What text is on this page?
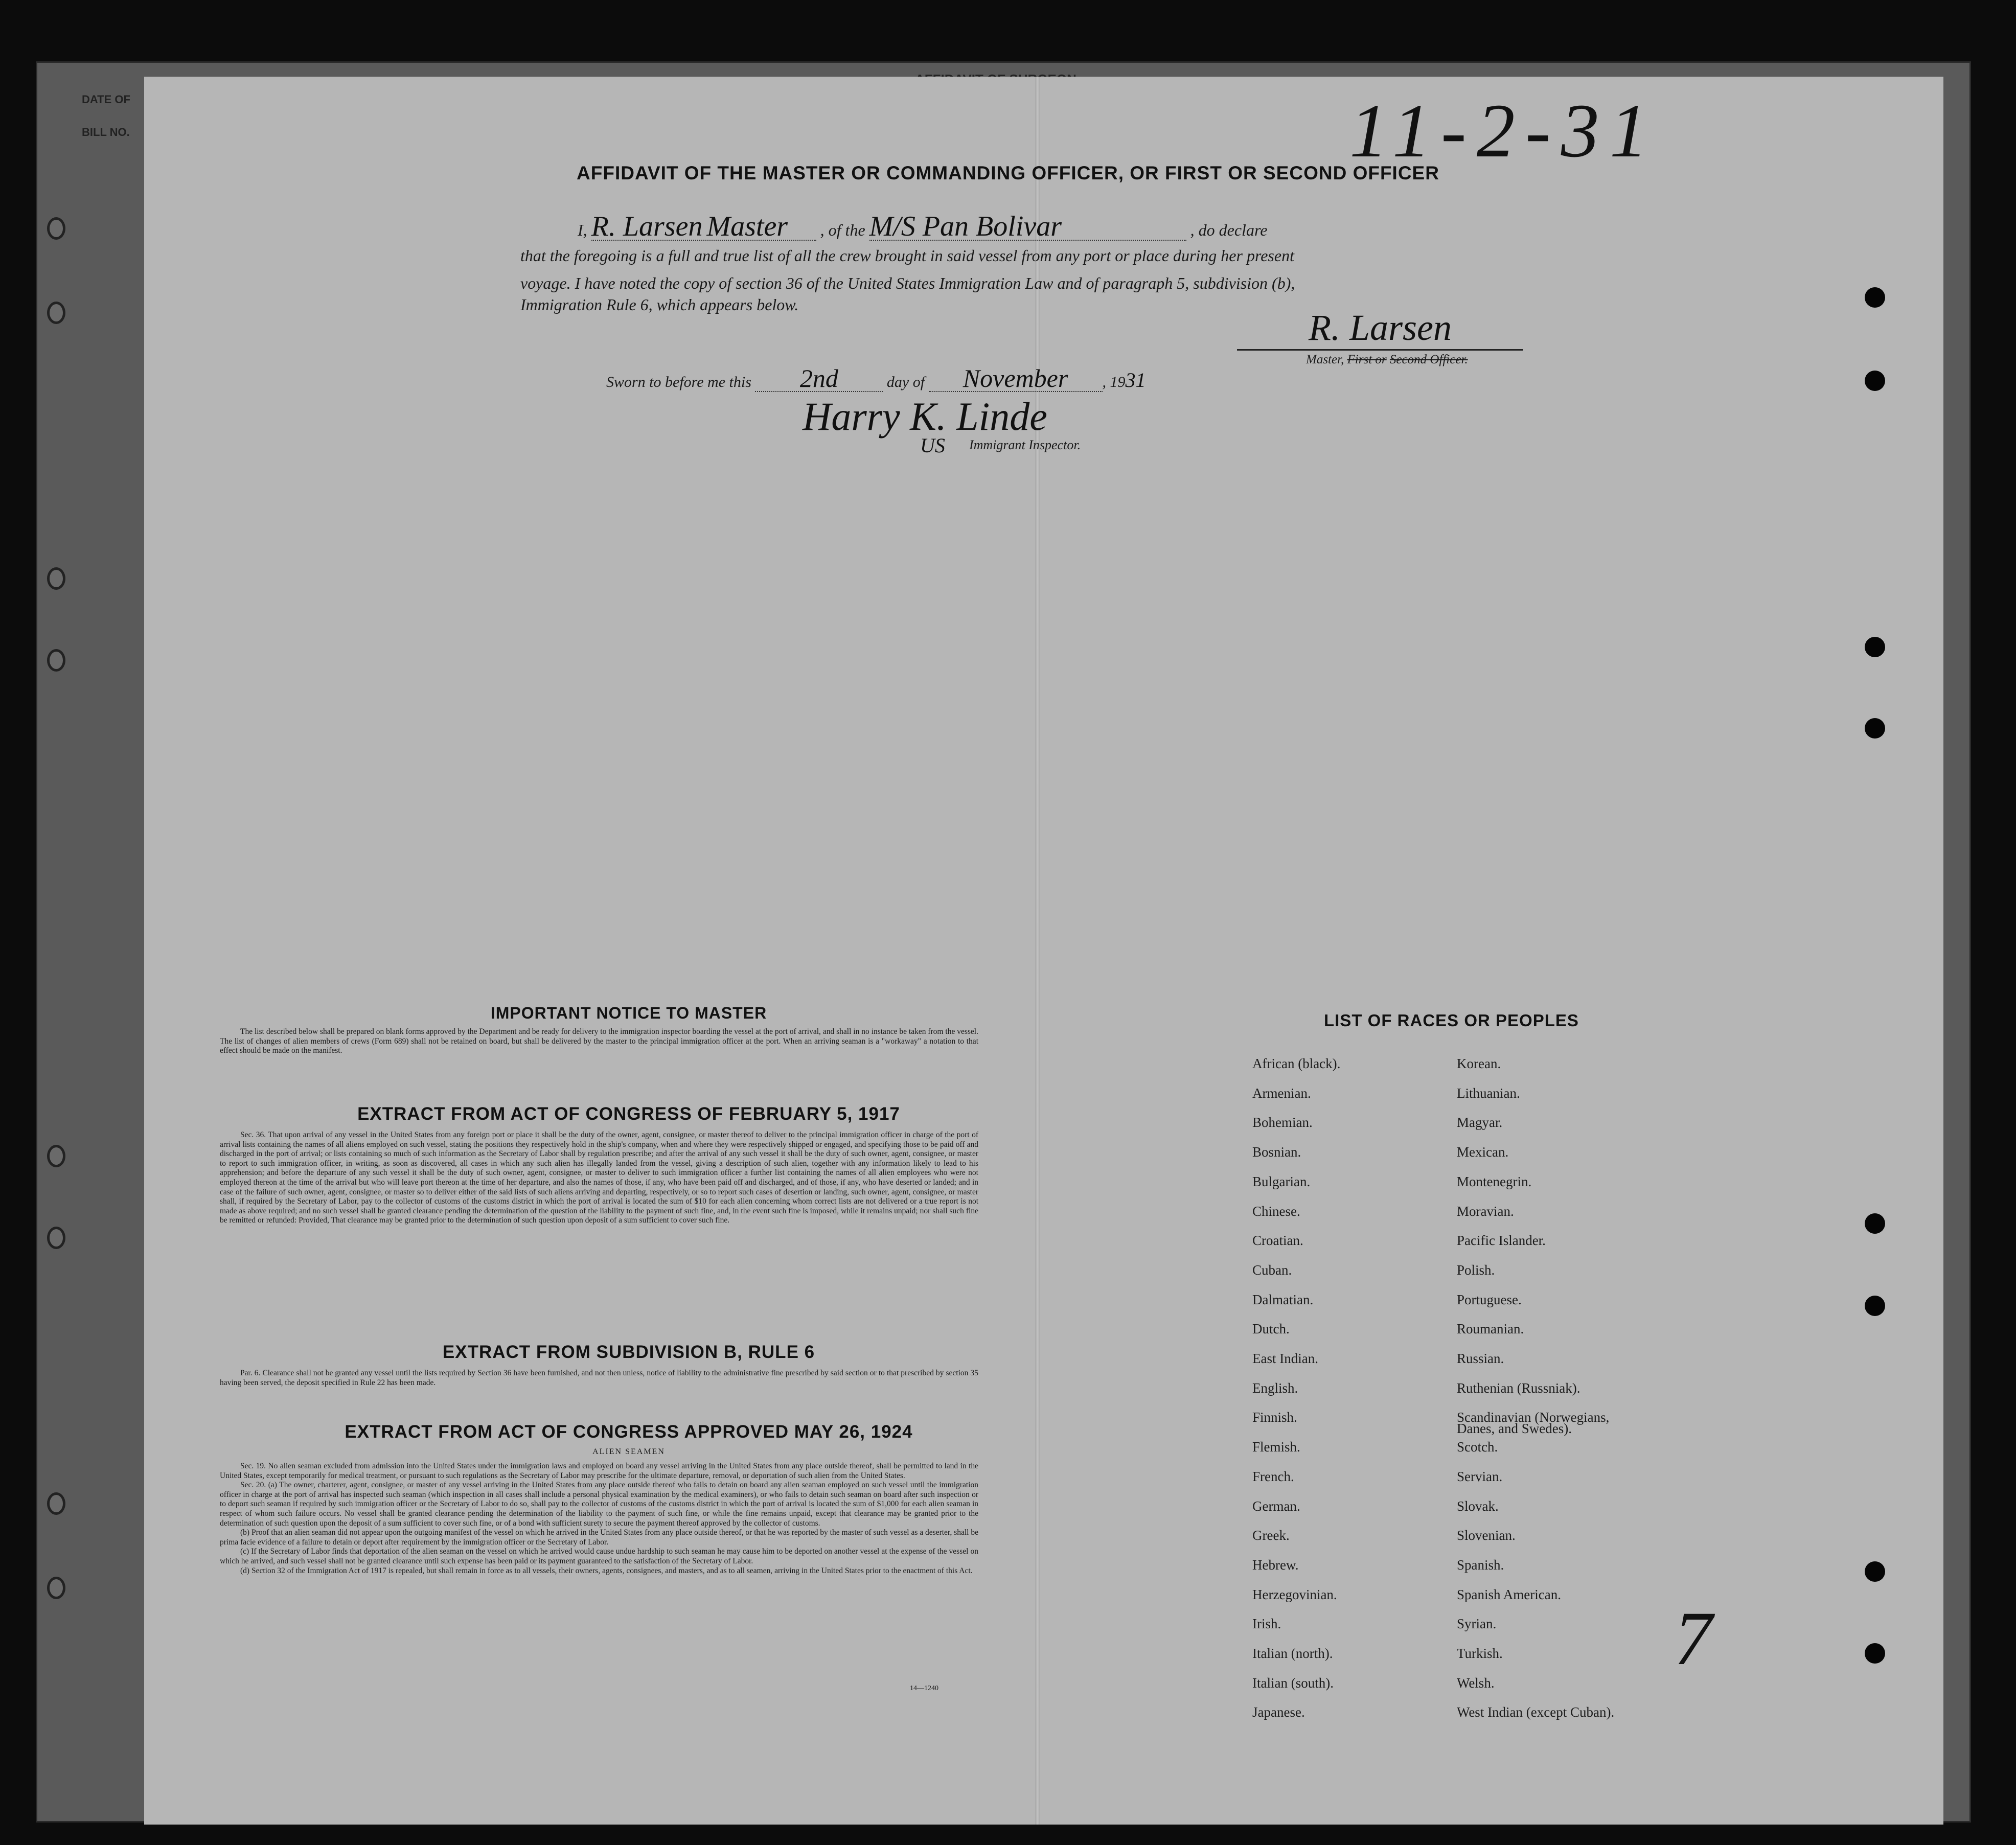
DATE OF
BILL NO.	11-2-31
AFFIDAVIT OF THE MASTER OR COMMANDING OFFICER, OR FIRST OR SECOND OFFICER
I, R. Larsen Master , of the M/S Pan Bolivar	, do declare
that the foregoing is a full and true list of all the crew brought in said vessel from any port or place during her present
voyage. I have noted the copy of section 36 of the United States Immigration Law and of paragraph 5, subdivision (b),
Immigration Rule 6, which appears below.
R. Larsen
Master, First or Second Officer.
Sworn to before me this 2nd	day of November , 1931
Harry K. Linde
US Immigrant Inspector.
IMPORTANT NOTICE TO MASTER

The list described below shall be prepared on blank forms approved by the Department and be ready for delivery to the immigration inspector boarding the vessel at the port of arrival, and shall in no instance be taken from the vessel. The list of changes of alien members of crews (Form 689) shall not be retained on board, but shall be delivered by the master to the principal immigration officer at the port. When an arriving seaman is a "workaway" a notation to that effect should be made on the manifest.

EXTRACT FROM ACT OF CONGRESS OF FEBRUARY 5, 1917

Sec. 36. That upon arrival of any vessel in the United States from any foreign port or place it shall be the duty of the owner, agent, consignee, or master thereof to deliver to the principal immigration officer in charge of the port of arrival lists containing the names of all aliens employed on such vessel, stating the positions they respectively hold in the ship's company, when and where they were respectively shipped or engaged, and specifying those to be paid off and discharged in the port of arrival; or lists containing so much of such information as the Secretary of Labor shall by regulation prescribe; and after the arrival of any such vessel it shall be the duty of such owner, agent, consignee, or master to report to such immigration officer, in writing, as soon as discovered, all cases in which any such alien has illegally landed from the vessel, giving a description of such alien, together with any information likely to lead to his apprehension; and before the departure of any such vessel it shall be the duty of such owner, agent, consignee, or master to deliver to such immigration officer a further list containing the names of all alien employees who were not employed thereon at the time of the arrival but who will leave port thereon at the time of her departure, and also the names of those, if any, who have been paid off and discharged, and of those, if any, who have deserted or landed; and in case of the failure of such owner, agent, consignee, or master so to deliver either of the said lists of such aliens arriving and departing, respectively, or so to report such cases of desertion or landing, such owner, agent, consignee, or master shall, if required by the Secretary of Labor, pay to the collector of customs of the customs district in which the port of arrival is located the sum of $10 for each alien concerning whom correct lists are not delivered or a true report is not made as above required; and no such vessel shall be granted clearance pending the determination of the question of the liability to the payment of such fine, and, in the event such fine is imposed, while it remains unpaid; nor shall such fine be remitted or refunded: Provided, That clearance may be granted prior to the determination of such question upon deposit of a sum sufficient to cover such fine.

EXTRACT FROM SUBDIVISION B, RULE 6

Par. 6. Clearance shall not be granted any vessel until the lists required by Section 36 have been furnished, and not then unless, notice of liability to the administrative fine prescribed by said section or to that prescribed by section 35 having been served, the deposit specified in Rule 22 has been made.

EXTRACT FROM ACT OF CONGRESS APPROVED MAY 26, 1924
ALIEN SEAMEN

Sec. 19. No alien seaman excluded from admission into the United States under the immigration laws and employed on board any vessel arriving in the United States from any place outside thereof, shall be permitted to land in the United States, except temporarily for medical treatment, or pursuant to such regulations as the Secretary of Labor may prescribe for the ultimate departure, removal, or deportation of such alien from the United States.

Sec. 20. (a) The owner, charterer, agent, consignee, or master of any vessel arriving in the United States from any place outside thereof who fails to detain on board any alien seaman employed on such vessel until the immigration officer in charge at the port of arrival has inspected such seaman (which inspection in all cases shall include a personal physical examination by the medical examiners), or who fails to detain such seaman on board after such inspection or to deport such seaman if required by such immigration officer or the Secretary of Labor to do so, shall pay to the collector of customs of the customs district in which the port of arrival is located the sum of $1,000 for each alien seaman in respect of whom such failure occurs. No vessel shall be granted clearance pending the determination of the liability to the payment of such fine, or while the fine remains unpaid, except that clearance may be granted prior to the determination of such question upon the deposit of a sum sufficient to cover such fine, or of a bond with sufficient surety to secure the payment thereof approved by the collector of customs.

(b) Proof that an alien seaman did not appear upon the outgoing manifest of the vessel on which he arrived in the United States from any place outside thereof, or that he was reported by the master of such vessel as a deserter, shall be prima facie evidence of a failure to detain or deport after requirement by the immigration officer or the Secretary of Labor.

(c) If the Secretary of Labor finds that deportation of the alien seaman on the vessel on which he arrived would cause undue hardship to such seaman he may cause him to be deported on another vessel at the expense of the vessel on which he arrived, and such vessel shall not be granted clearance until such expense has been paid or its payment guaranteed to the satisfaction of the Secretary of Labor.

(d) Section 32 of the Immigration Act of 1917 is repealed, but shall remain in force as to all vessels, their owners, agents, consignees, and masters, and as to all seamen, arriving in the United States prior to the enactment of this Act.

14—1240
LIST OF RACES OR PEOPLES
African (black).
Armenian.
Bohemian.
Bosnian.
Bulgarian.
Chinese.
Croatian.
Cuban.
Dalmatian.
Dutch.
East Indian.
English.
Finnish.
Flemish.
French.
German.
Greek.
Hebrew.
Herzegovinian.
Irish.
Italian (north).
Italian (south).
Japanese.
Korean.
Lithuanian.
Magyar.
Mexican.
Montenegrin.
Moravian.
Pacific Islander.
Polish.
Portuguese.
Roumanian.
Russian.
Ruthenian (Russniak).
Scandinavian (Norwegians,
Scotch.
Servian.
Slovak.
Slovenian.
Spanish.
Spanish American.
Syrian.
Turkish.
Welsh.
West Indian (except Cuban).
Danes, and Swedes).
7
